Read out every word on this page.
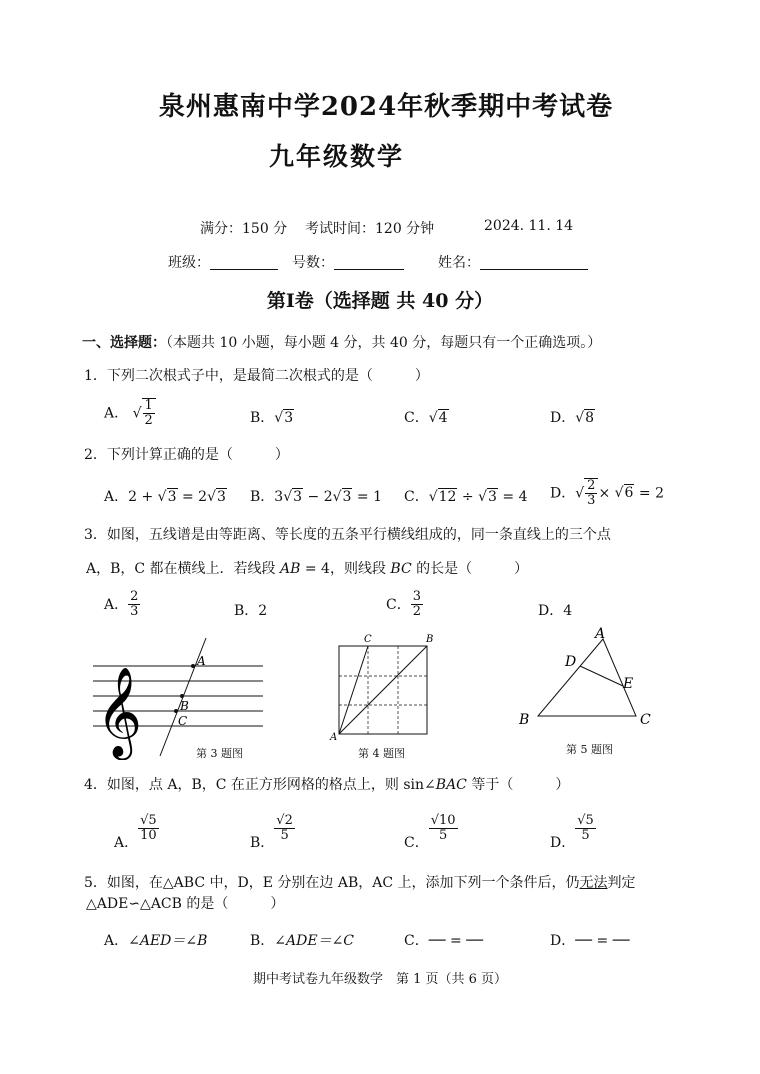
泉州惠南中学2024年秋季期中考试卷
九年级数学
满分：150 分 考试时间：120 分钟	2024. 11. 14
班级：	号数：	姓名：
第Ⅰ卷（选择题 共 40 分）
一、选择题：（本题共 10 小题，每小题 4 分，共 40 分，每题只有一个正确选项。）
1．下列二次根式子中，是最简二次根式的是（　　　）
A． √ $\frac{1}{2}$	B．√3	C．√4	D．√8
2．下列计算正确的是（　　　）
A．2 + √3 = 2√3 B．3√3 − 2√3 = 1 C．√12 ÷ √3 = 4 D．√ $\frac{2}{3} \times √6 = 2$
3．如图，五线谱是由等距离、等长度的五条平行横线组成的，同一条直线上的三个点
A，B，C 都在横线上．若线段 AB = 4，则线段 BC 的长是（　　　）
A． $\frac{2}{3}$	B．2	C． $\frac{3}{2}$	D．4
𝄞
A
B
C
第 3 题图
A
C	B
第 4 题图
A
D
E
B	C
第 5 题图
4．如图，点 A，B，C 在正方形网格的格点上，则 sin∠BAC 等于（　　　）
A． $\frac{√5}{10}$	B． $\frac{√2}{5}$	C． $\frac{√10}{5}$	D． $\frac{√5}{5}$
5．如图，在△ABC 中，D，E 分别在边 AB，AC 上，添加下列一个条件后，仍无法判定
△ADE∽△ACB 的是（　　　）
A．∠AED＝∠B	B．∠ADE＝∠C	C．── = ──	D．── = ──
期中考试卷九年级数学　第 1 页（共 6 页）
